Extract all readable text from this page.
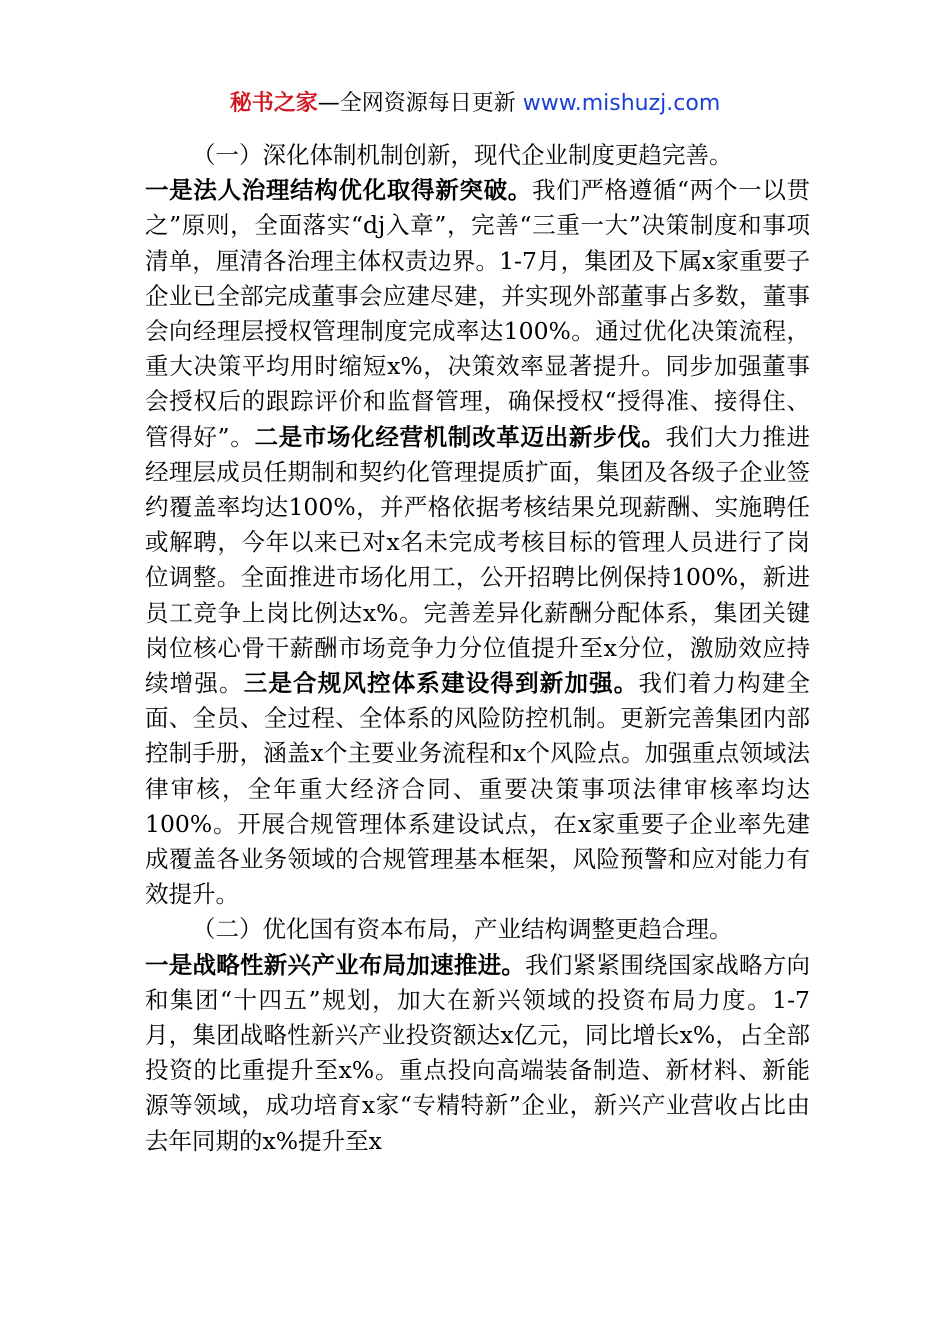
秘书之家—全网资源每日更新 www.mishuzj.com

（一）深化体制机制创新，现代企业制度更趋完善。

一是法人治理结构优化取得新突破。我们严格遵循“两个一以贯之”原则，全面落实“dj入章”，完善“三重一大”决策制度和事项清单，厘清各治理主体权责边界。1-7月，集团及下属x家重要子企业已全部完成董事会应建尽建，并实现外部董事占多数，董事会向经理层授权管理制度完成率达100%。通过优化决策流程，重大决策平均用时缩短x%，决策效率显著提升。同步加强董事会授权后的跟踪评价和监督管理，确保授权“授得准、接得住、管得好”。二是市场化经营机制改革迈出新步伐。我们大力推进经理层成员任期制和契约化管理提质扩面，集团及各级子企业签约覆盖率均达100%，并严格依据考核结果兑现薪酬、实施聘任或解聘，今年以来已对x名未完成考核目标的管理人员进行了岗位调整。全面推进市场化用工，公开招聘比例保持100%，新进员工竞争上岗比例达x%。完善差异化薪酬分配体系，集团关键岗位核心骨干薪酬市场竞争力分位值提升至x分位，激励效应持续增强。三是合规风控体系建设得到新加强。我们着力构建全面、全员、全过程、全体系的风险防控机制。更新完善集团内部控制手册，涵盖x个主要业务流程和x个风险点。加强重点领域法律审核，全年重大经济合同、重要决策事项法律审核率均达100%。开展合规管理体系建设试点，在x家重要子企业率先建成覆盖各业务领域的合规管理基本框架，风险预警和应对能力有效提升。

（二）优化国有资本布局，产业结构调整更趋合理。

一是战略性新兴产业布局加速推进。我们紧紧围绕国家战略方向和集团“十四五”规划，加大在新兴领域的投资布局力度。1-7月，集团战略性新兴产业投资额达x亿元，同比增长x%，占全部投资的比重提升至x%。重点投向高端装备制造、新材料、新能源等领域，成功培育x家“专精特新”企业，新兴产业营收占比由去年同期的x%提升至x
